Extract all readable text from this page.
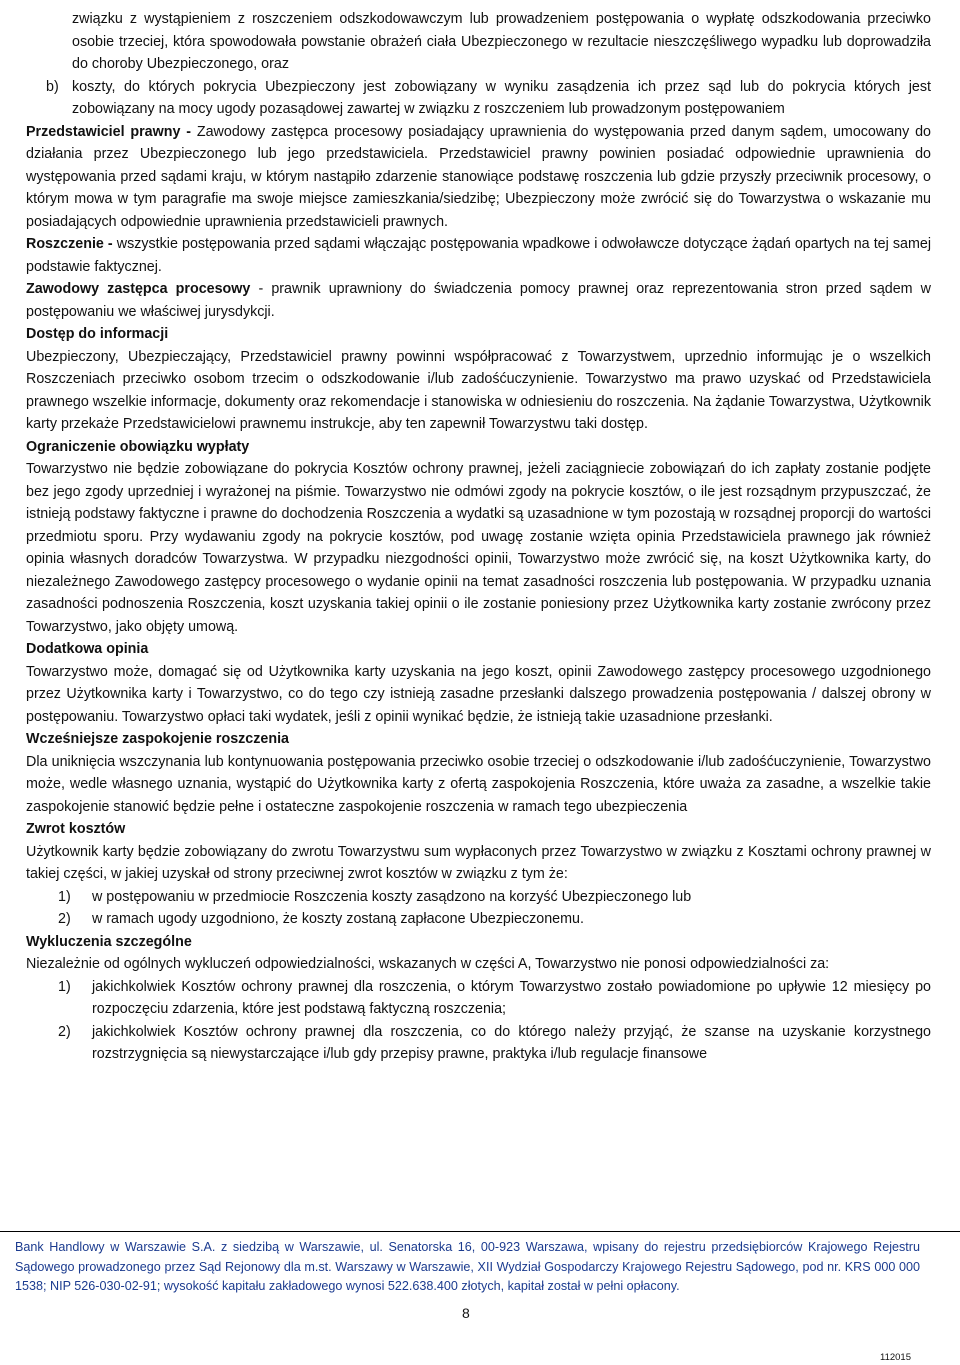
związku z wystąpieniem z roszczeniem odszkodowawczym lub prowadzeniem postępowania o wypłatę odszkodowania przeciwko osobie trzeciej, która spowodowała powstanie obrażeń ciała Ubezpieczonego w rezultacie nieszczęśliwego wypadku lub doprowadziła do choroby Ubezpieczonego, oraz

b) koszty, do których pokrycia Ubezpieczony jest zobowiązany w wyniku zasądzenia ich przez sąd lub do pokrycia których jest zobowiązany na mocy ugody pozasądowej zawartej w związku z roszczeniem lub prowadzonym postępowaniem

Przedstawiciel prawny - Zawodowy zastępca procesowy posiadający uprawnienia do występowania przed danym sądem, umocowany do działania przez Ubezpieczonego lub jego przedstawiciela. Przedstawiciel prawny powinien posiadać odpowiednie uprawnienia do występowania przed sądami kraju, w którym nastąpiło zdarzenie stanowiące podstawę roszczenia lub gdzie przyszły przeciwnik procesowy, o którym mowa w tym paragrafie ma swoje miejsce zamieszkania/siedzibę; Ubezpieczony może zwrócić się do Towarzystwa o wskazanie mu posiadających odpowiednie uprawnienia przedstawicieli prawnych.

Roszczenie - wszystkie postępowania przed sądami włączając postępowania wpadkowe i odwoławcze dotyczące żądań opartych na tej samej podstawie faktycznej.

Zawodowy zastępca procesowy - prawnik uprawniony do świadczenia pomocy prawnej oraz reprezentowania stron przed sądem w postępowaniu we właściwej jurysdykcji.

Dostęp do informacji

Ubezpieczony, Ubezpieczający, Przedstawiciel prawny powinni współpracować z Towarzystwem, uprzednio informując je o wszelkich Roszczeniach przeciwko osobom trzecim o odszkodowanie i/lub zadośćuczynienie. Towarzystwo ma prawo uzyskać od Przedstawiciela prawnego wszelkie informacje, dokumenty oraz rekomendacje i stanowiska w odniesieniu do roszczenia. Na żądanie Towarzystwa, Użytkownik karty przekaże Przedstawicielowi prawnemu instrukcje, aby ten zapewnił Towarzystwu taki dostęp.

Ograniczenie obowiązku wypłaty

Towarzystwo nie będzie zobowiązane do pokrycia Kosztów ochrony prawnej, jeżeli zaciągniecie zobowiązań do ich zapłaty zostanie podjęte bez jego zgody uprzedniej i wyrażonej na piśmie. Towarzystwo nie odmówi zgody na pokrycie kosztów, o ile jest rozsądnym przypuszczać, że istnieją podstawy faktyczne i prawne do dochodzenia Roszczenia a wydatki są uzasadnione w tym pozostają w rozsądnej proporcji do wartości przedmiotu sporu. Przy wydawaniu zgody na pokrycie kosztów, pod uwagę zostanie wzięta opinia Przedstawiciela prawnego jak również opinia własnych doradców Towarzystwa. W przypadku niezgodności opinii, Towarzystwo może zwrócić się, na koszt Użytkownika karty, do niezależnego Zawodowego zastępcy procesowego o wydanie opinii na temat zasadności roszczenia lub postępowania. W przypadku uznania zasadności podnoszenia Roszczenia, koszt uzyskania takiej opinii o ile zostanie poniesiony przez Użytkownika karty zostanie zwrócony przez Towarzystwo, jako objęty umową.

Dodatkowa opinia

Towarzystwo może, domagać się od Użytkownika karty uzyskania na jego koszt, opinii Zawodowego zastępcy procesowego uzgodnionego przez Użytkownika karty i Towarzystwo, co do tego czy istnieją zasadne przesłanki dalszego prowadzenia postępowania / dalszej obrony w postępowaniu. Towarzystwo opłaci taki wydatek, jeśli z opinii wynikać będzie, że istnieją takie uzasadnione przesłanki.

Wcześniejsze zaspokojenie roszczenia

Dla uniknięcia wszczynania lub kontynuowania postępowania przeciwko osobie trzeciej o odszkodowanie i/lub zadośćuczynienie, Towarzystwo może, wedle własnego uznania, wystąpić do Użytkownika karty z ofertą zaspokojenia Roszczenia, które uważa za zasadne, a wszelkie takie zaspokojenie stanowić będzie pełne i ostateczne zaspokojenie roszczenia w ramach tego ubezpieczenia

Zwrot kosztów

Użytkownik karty będzie zobowiązany do zwrotu Towarzystwu sum wypłaconych przez Towarzystwo w związku z Kosztami ochrony prawnej w takiej części, w jakiej uzyskał od strony przeciwnej zwrot kosztów w związku z tym że:

1)	w postępowaniu w przedmiocie Roszczenia koszty zasądzono na korzyść Ubezpieczonego lub
2)	w ramach ugody uzgodniono, że koszty zostaną zapłacone Ubezpieczonemu.

Wykluczenia szczególne

Niezależnie od ogólnych wykluczeń odpowiedzialności, wskazanych w części A, Towarzystwo nie ponosi odpowiedzialności za:

1)	jakichkolwiek Kosztów ochrony prawnej dla roszczenia, o którym Towarzystwo zostało powiadomione po upływie 12 miesięcy po rozpoczęciu zdarzenia, które jest podstawą faktyczną roszczenia;
2)	jakichkolwiek Kosztów ochrony prawnej dla roszczenia, co do którego należy przyjąć, że szanse na uzyskanie korzystnego rozstrzygnięcia są niewystarczające i/lub gdy przepisy prawne, praktyka i/lub regulacje finansowe
Bank Handlowy w Warszawie S.A. z siedzibą w Warszawie, ul. Senatorska 16, 00-923 Warszawa, wpisany do rejestru przedsiębiorców Krajowego Rejestru Sądowego prowadzonego przez Sąd Rejonowy dla m.st. Warszawy w Warszawie, XII Wydział Gospodarczy Krajowego Rejestru Sądowego, pod nr. KRS 000 000 1538; NIP 526-030-02-91; wysokość kapitału zakładowego wynosi 522.638.400 złotych, kapitał został w pełni opłacony.
8
112015
